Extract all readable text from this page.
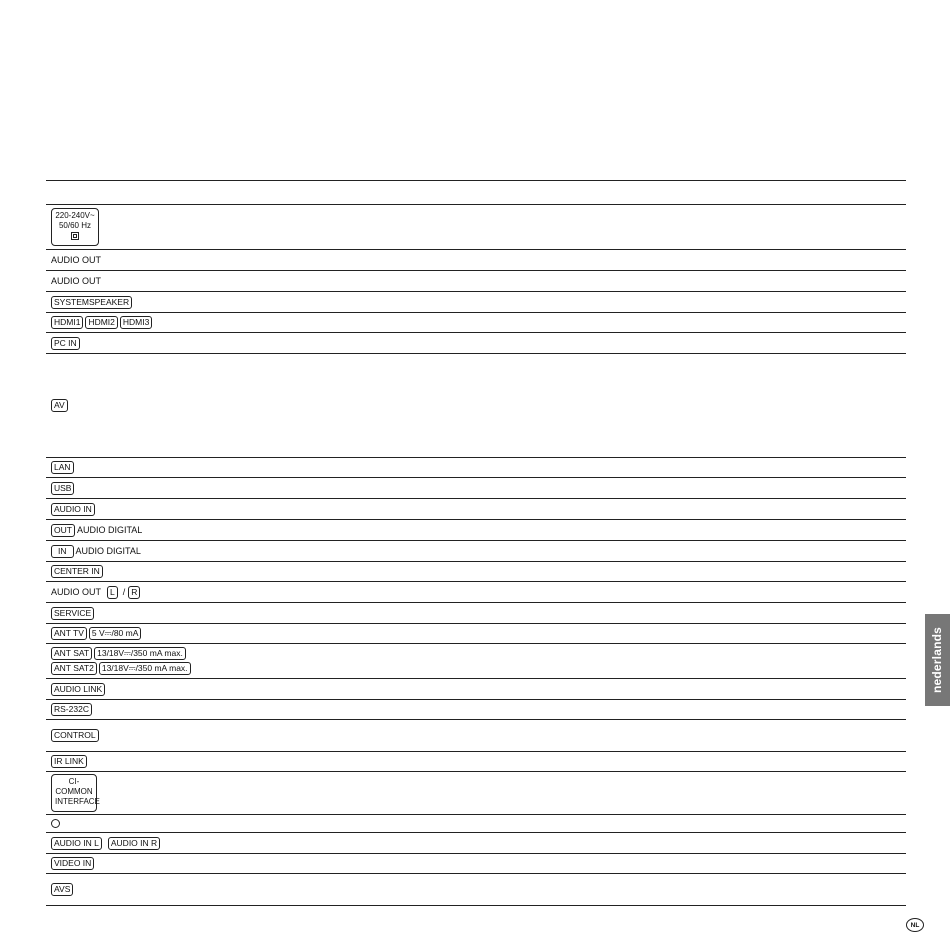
220-240V~
50/60 Hz
AUDIO OUT
AUDIO OUT
SYSTEMSPEAKER
HDMI1 HDMI2 HDMI3
PC IN
AV
LAN
USB
AUDIO IN
OUT AUDIO DIGITAL
IN	AUDIO DIGITAL
CENTER IN
AUDIO OUT	L / R
SERVICE
ANT TV 5 V⎓/80 mA
ANT SAT 13/18V⎓/350 mA max.
ANT SAT2 13/18V⎓/350 mA max.
AUDIO LINK
RS-232C
CONTROL
IR LINK
CI-
COMMON
INTERFACE
AUDIO IN L	AUDIO IN R
VIDEO IN
AVS
nederlands
NL
